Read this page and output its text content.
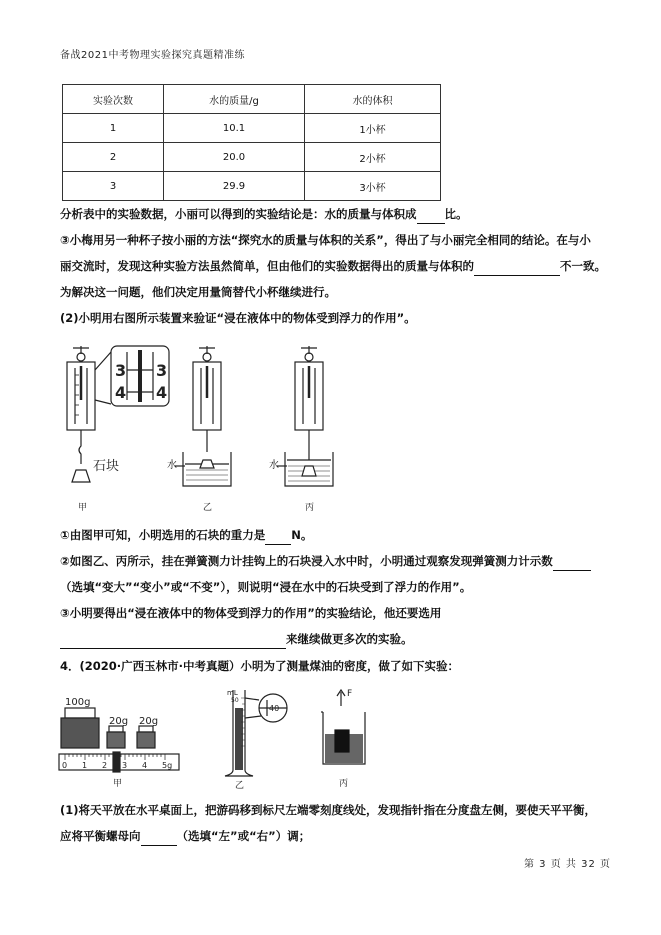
备战2021中考物理实验探究真题精准练
实验次数	水的质量/g	水的体积
1	10.1	1小杯
2	20.0	2小杯
3	29.9	3小杯
分析表中的实验数据，小丽可以得到的实验结论是：水的质量与体积成 比。
③小梅用另一种杯子按小丽的方法“探究水的质量与体积的关系”，得出了与小丽完全相同的结论。在与小
丽交流时，发现这种实验方法虽然简单，但由他们的实验数据得出的质量与体积的	不一致。
为解决这一问题，他们决定用量筒替代小杯继续进行。
(2)小明用右图所示装置来验证“浸在液体中的物体受到浮力的作用”。
石块
3
4
3
4
水	水
甲	乙	丙
①由图甲可知，小明选用的石块的重力是 N。
②如图乙、丙所示，挂在弹簧测力计挂钩上的石块浸入水中时，小明通过观察发现弹簧测力计示数
（选填“变大”“变小”或“不变”），则说明“浸在水中的石块受到了浮力的作用”。
③小明要得出“浸在液体中的物体受到浮力的作用”的实验结论，他还要选用
来继续做更多次的实验。
4．(2020·广西玉林市·中考真题）小明为了测量煤油的密度，做了如下实验：
100g
20g 20g
0 1 2 3 4 5g
甲
mL
50
40
乙
F
丙
(1)将天平放在水平桌面上，把游码移到标尺左端零刻度线处，发现指针指在分度盘左侧，要使天平平衡，
应将平衡螺母向	（选填“左”或“右”）调；
第 3 页 共 32 页
